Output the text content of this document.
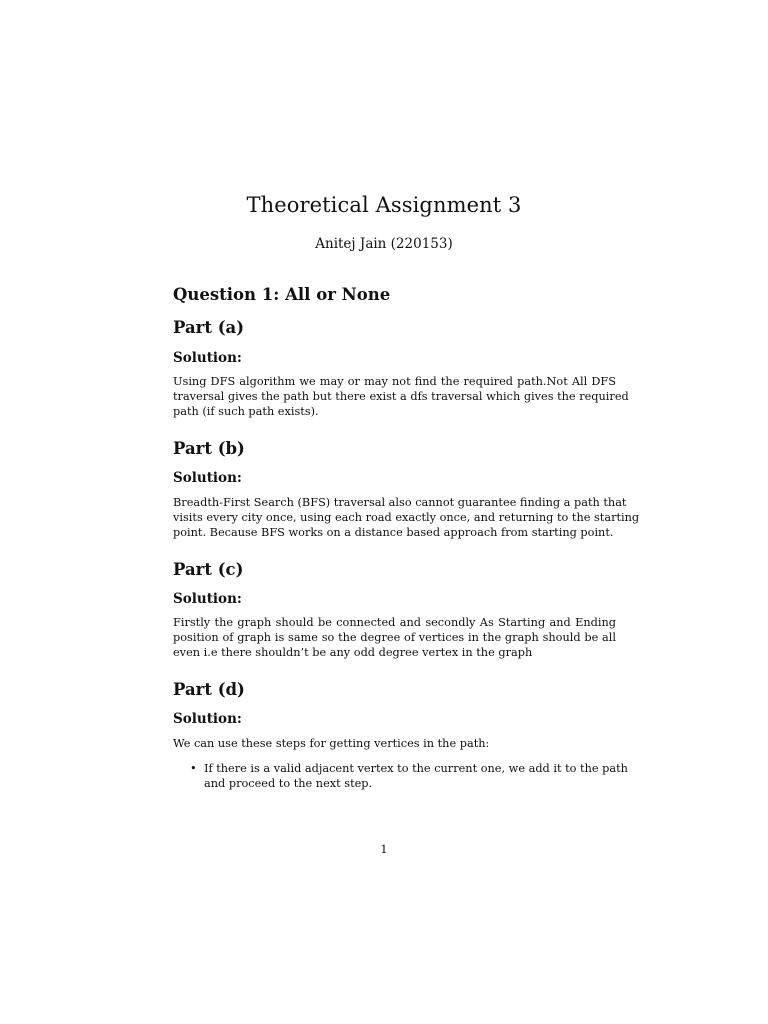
Theoretical Assignment 3
Anitej Jain (220153)
Question 1: All or None
Part (a)
Solution:
Using DFS algorithm we may or may not find the required path.Not All DFS
traversal gives the path but there exist a dfs traversal which gives the required
path (if such path exists).
Part (b)
Solution:
Breadth-First Search (BFS) traversal also cannot guarantee finding a path that
visits every city once, using each road exactly once, and returning to the starting
point. Because BFS works on a distance based approach from starting point.
Part (c)
Solution:
Firstly the graph should be connected and secondly As Starting and Ending
position of graph is same so the degree of vertices in the graph should be all
even i.e there shouldn’t be any odd degree vertex in the graph
Part (d)
Solution:
We can use these steps for getting vertices in the path:
• If there is a valid adjacent vertex to the current one, we add it to the path
and proceed to the next step.
1
